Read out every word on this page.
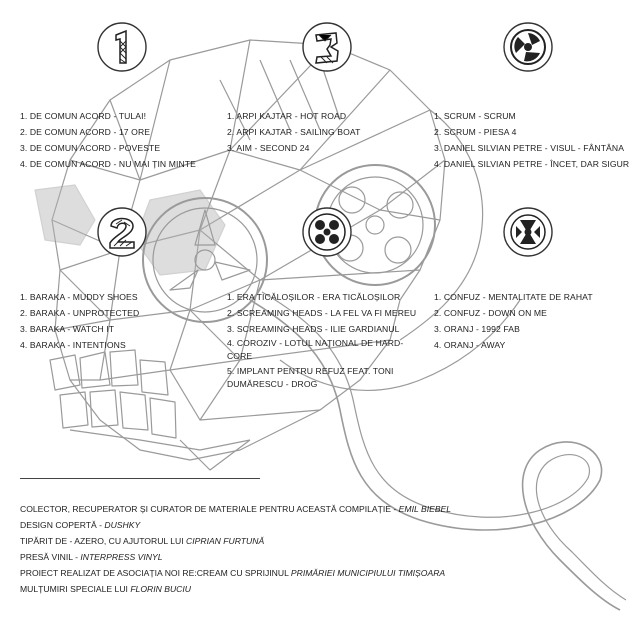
1. DE COMUN ACORD - TULAI!
2. DE COMUN ACORD - 17 ORE
3. DE COMUN ACORD - POVESTE
4. DE COMUN ACORD - NU MAI ȚIN MINTE
1. ARPI KAJTAR - HOT ROAD
2. ARPI KAJTAR - SAILING BOAT
3. AIM - SECOND 24
1. SCRUM - SCRUM
2. SCRUM - PIESA 4
3. DANIEL SILVIAN PETRE - VISUL - FÂNTÂNA
4. DANIEL SILVIAN PETRE - ÎNCET, DAR SIGUR
1. BARAKA - MUDDY SHOES
2. BARAKA - UNPROTECTED
3. BARAKA - WATCH IT
4. BARAKA - INTENTIONS
1. ERA TICĂLOȘILOR - ERA TICĂLOȘILOR
2. SCREAMING HEADS - LA FEL VA FI MEREU
3. SCREAMING HEADS - ILIE GARDIANUL
4. COROZIV - LOTUL NAȚIONAL DE HARD-CORE
5. IMPLANT PENTRU REFUZ FEAT. TONI DUMĂRESCU - DROG
1. CONFUZ - MENTALITATE DE RAHAT
2. CONFUZ - DOWN ON ME
3. ORANJ - 1992 FAB
4. ORANJ - AWAY
COLECTOR, RECUPERATOR ȘI CURATOR DE MATERIALE PENTRU ACEASTĂ COMPILAȚIE - EMIL BIEBEL
DESIGN COPERTĂ - DUSHKY
TIPĂRIT DE - AZERO, CU AJUTORUL LUI CIPRIAN FURTUNĂ
PRESĂ VINIL - INTERPRESS VINYL
PROIECT REALIZAT DE ASOCIAȚIA NOI RE:CREAM CU SPRIJINUL PRIMĂRIEI MUNICIPIULUI TIMIȘOARA
MULȚUMIRI SPECIALE LUI FLORIN BUCIU
